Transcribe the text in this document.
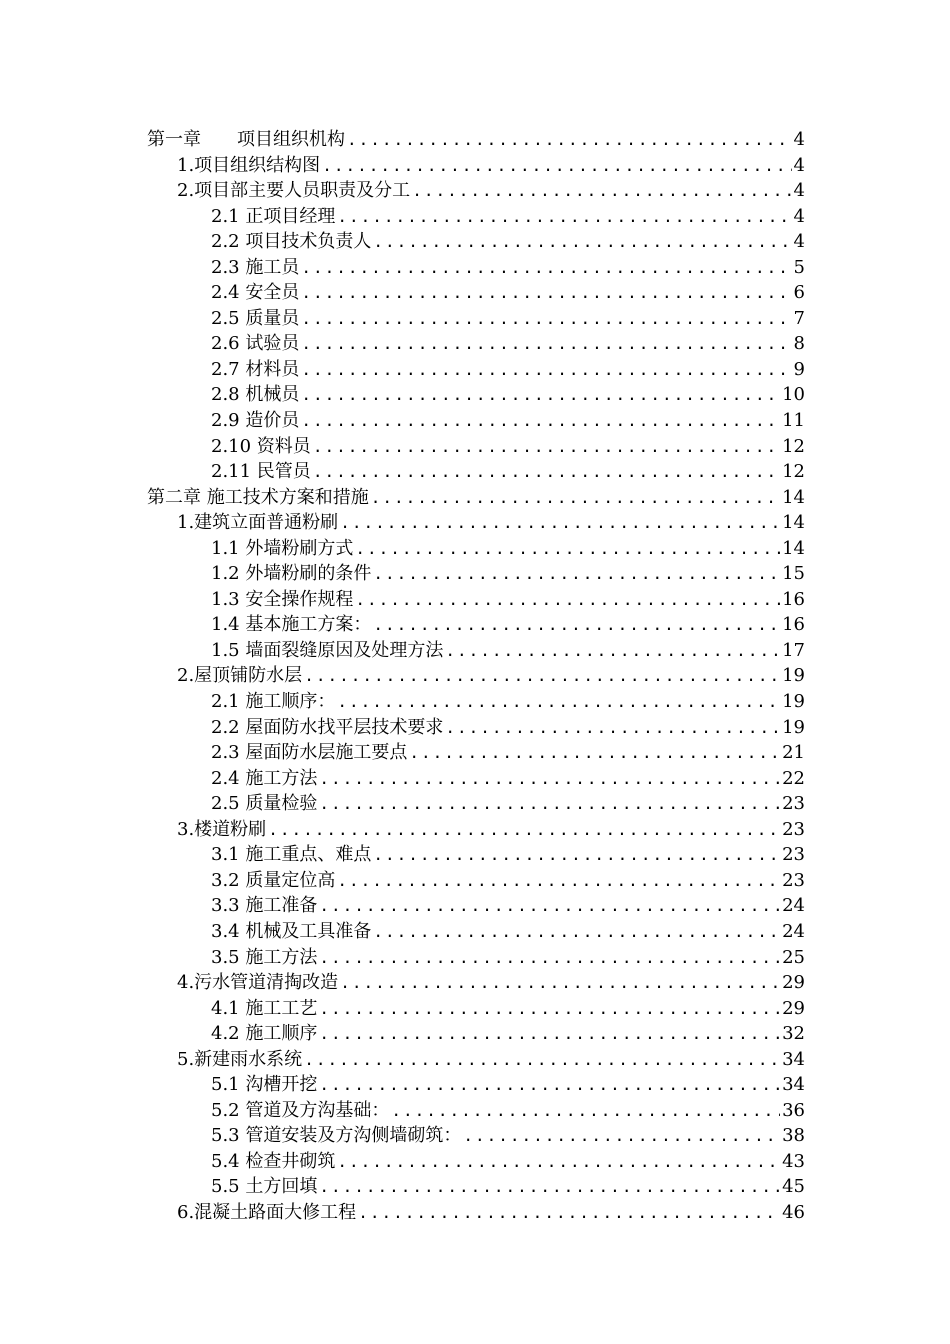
第一章　　项目组织机构 .....	4
1.项目组织结构图 .....	4
2.项目部主要人员职责及分工 .....	4
2.1 正项目经理 .....	4
2.2 项目技术负责人 .....	4
2.3 施工员 .....	5
2.4 安全员 .....	6
2.5 质量员 .....	7
2.6 试验员 .....	8
2.7 材料员 .....	9
2.8 机械员 .....	10
2.9 造价员 .....	11
2.10 资料员 .....	12
2.11 民管员 .....	12
第二章 施工技术方案和措施 .....	14
1.建筑立面普通粉刷 .....	14
1.1 外墙粉刷方式 .....	14
1.2 外墙粉刷的条件 .....	15
1.3 安全操作规程 .....	16
1.4 基本施工方案： .....	16
1.5 墙面裂缝原因及处理方法 .....	17
2.屋顶铺防水层 .....	19
2.1 施工顺序： .....	19
2.2 屋面防水找平层技术要求 .....	19
2.3 屋面防水层施工要点 .....	21
2.4 施工方法 .....	22
2.5 质量检验 .....	23
3.楼道粉刷 .....	23
3.1 施工重点、难点 .....	23
3.2 质量定位高 .....	23
3.3 施工准备 .....	24
3.4 机械及工具准备 .....	24
3.5 施工方法 .....	25
4.污水管道清掏改造 .....	29
4.1 施工工艺 .....	29
4.2 施工顺序 .....	32
5.新建雨水系统 .....	34
5.1 沟槽开挖 .....	34
5.2 管道及方沟基础： .....	36
5.3 管道安装及方沟侧墙砌筑： .....	38
5.4 检查井砌筑 .....	43
5.5 土方回填 .....	45
6.混凝土路面大修工程 .....	46
